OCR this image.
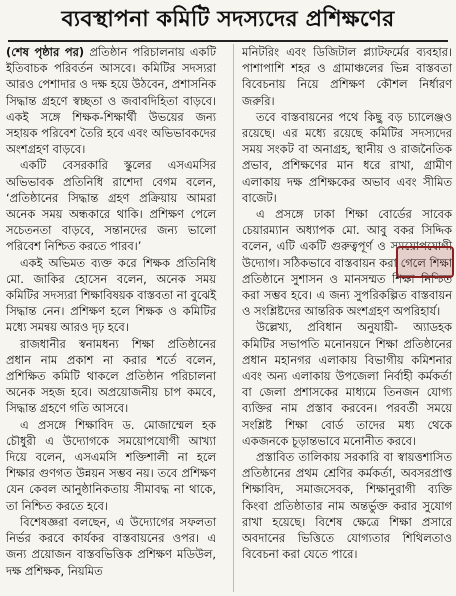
ব্যবস্থাপনা কমিটি সদস্যদের প্রশিক্ষণের

(শেষ পৃষ্ঠার পর) প্রতিষ্ঠান পরিচালনায় একটি ইতিবাচক পরিবর্তন আসবে। কমিটির সদস্যরা আরও পেশাদার ও দক্ষ হয়ে উঠবেন, প্রশাসনিক সিদ্ধান্ত গ্রহণে স্বচ্ছতা ও জবাবদিহিতা বাড়বে। একই সঙ্গে শিক্ষক-শিক্ষার্থী উভয়ের জন্য সহায়ক পরিবেশ তৈরি হবে এবং অভিভাবকদের অংশগ্রহণ বাড়বে।

একটি বেসরকারি স্কুলের এসএমসির অভিভাবক প্রতিনিধি রাশেদা বেগম বলেন, ‘প্রতিষ্ঠানের সিদ্ধান্ত গ্রহণ প্রক্রিয়ায় আমরা অনেক সময় অন্ধকারে থাকি। প্রশিক্ষণ পেলে সচেতনতা বাড়বে, সন্তানদের জন্য ভালো পরিবেশ নিশ্চিত করতে পারব।’

একই অভিমত ব্যক্ত করে শিক্ষক প্রতিনিধি মো. জাকির হোসেন বলেন, অনেক সময় কমিটির সদস্যরা শিক্ষাবিষয়ক বাস্তবতা না বুঝেই সিদ্ধান্ত নেন। প্রশিক্ষণ হলে শিক্ষক ও কমিটির মধ্যে সমন্বয় আরও দৃঢ় হবে।

রাজধানীর স্বনামধন্য শিক্ষা প্রতিষ্ঠানের প্রধান নাম প্রকাশ না করার শর্তে বলেন, প্রশিক্ষিত কমিটি থাকলে প্রতিষ্ঠান পরিচালনা অনেক সহজ হবে। অপ্রয়োজনীয় চাপ কমবে, সিদ্ধান্ত গ্রহণে গতি আসবে।

এ প্রসঙ্গে শিক্ষাবিদ ড. মোজাম্মেল হক চৌধুরী এ উদ্যোগকে সময়োপযোগী আখ্যা দিয়ে বলেন, এসএমসি শক্তিশালী না হলে শিক্ষার গুণগত উন্নয়ন সম্ভব নয়। তবে প্রশিক্ষণ যেন কেবল আনুষ্ঠানিকতায় সীমাবদ্ধ না থাকে, তা নিশ্চিত করতে হবে।

বিশেষজ্ঞরা বলছেন, এ উদ্যোগের সফলতা নির্ভর করবে কার্যকর বাস্তবায়নের ওপর। এ জন্য প্রয়োজন বাস্তবভিত্তিক প্রশিক্ষণ মডিউল, দক্ষ প্রশিক্ষক, নিয়মিত

মনিটরিং এবং ডিজিটাল প্ল্যাটফর্মের ব্যবহার। পাশাপাশি শহর ও গ্রামাঞ্চলের ভিন্ন বাস্তবতা বিবেচনায় নিয়ে প্রশিক্ষণ কৌশল নির্ধারণ জরুরি।

তবে বাস্তবায়নের পথে কিছু বড় চ্যালেঞ্জও রয়েছে। এর মধ্যে রয়েছে কমিটির সদস্যদের সময় সংকট বা অনাগ্রহ, স্থানীয় ও রাজনৈতিক প্রভাব, প্রশিক্ষণের মান ধরে রাখা, গ্রামীণ এলাকায় দক্ষ প্রশিক্ষকের অভাব এবং সীমিত বাজেট।

এ প্রসঙ্গে ঢাকা শিক্ষা বোর্ডের সাবেক চেয়ারম্যান অধ্যাপক মো. আবু বকর সিদ্দিক বলেন, এটি একটি গুরুত্বপূর্ণ ও সময়োপযোগী উদ্যোগ। সঠিকভাবে বাস্তবায়ন করা গেলে শিক্ষা প্রতিষ্ঠানে সুশাসন ও মানসম্মত শিক্ষা নিশ্চিত করা সম্ভব হবে। এ জন্য সুপরিকল্পিত বাস্তবায়ন ও সংশ্লিষ্টদের আন্তরিক অংশগ্রহণ অপরিহার্য।

উল্লেখ্য, প্রবিধান অনুযায়ী- অ্যাডহক কমিটির সভাপতি মনোনয়নে শিক্ষা প্রতিষ্ঠানের প্রধান মহানগর এলাকায় বিভাগীয় কমিশনার এবং অন্য এলাকায় উপজেলা নির্বাহী কর্মকর্তা বা জেলা প্রশাসকের মাধ্যমে তিনজন যোগ্য ব্যক্তির নাম প্রস্তাব করবেন। পরবর্তী সময়ে সংশ্লিষ্ট শিক্ষা বোর্ড তাদের মধ্য থেকে একজনকে চূড়ান্তভাবে মনোনীত করবে।

প্রস্তাবিত তালিকায় সরকারি বা স্বায়ত্তশাসিত প্রতিষ্ঠানের প্রথম শ্রেণির কর্মকর্তা, অবসরপ্রাপ্ত শিক্ষাবিদ, সমাজসেবক, শিক্ষানুরাগী ব্যক্তি কিংবা প্রতিষ্ঠাতার নাম অন্তর্ভুক্ত করার সুযোগ রাখা হয়েছে। বিশেষ ক্ষেত্রে শিক্ষা প্রসারে অবদানের ভিত্তিতে যোগ্যতার শিথিলতাও বিবেচনা করা যেতে পারে।
